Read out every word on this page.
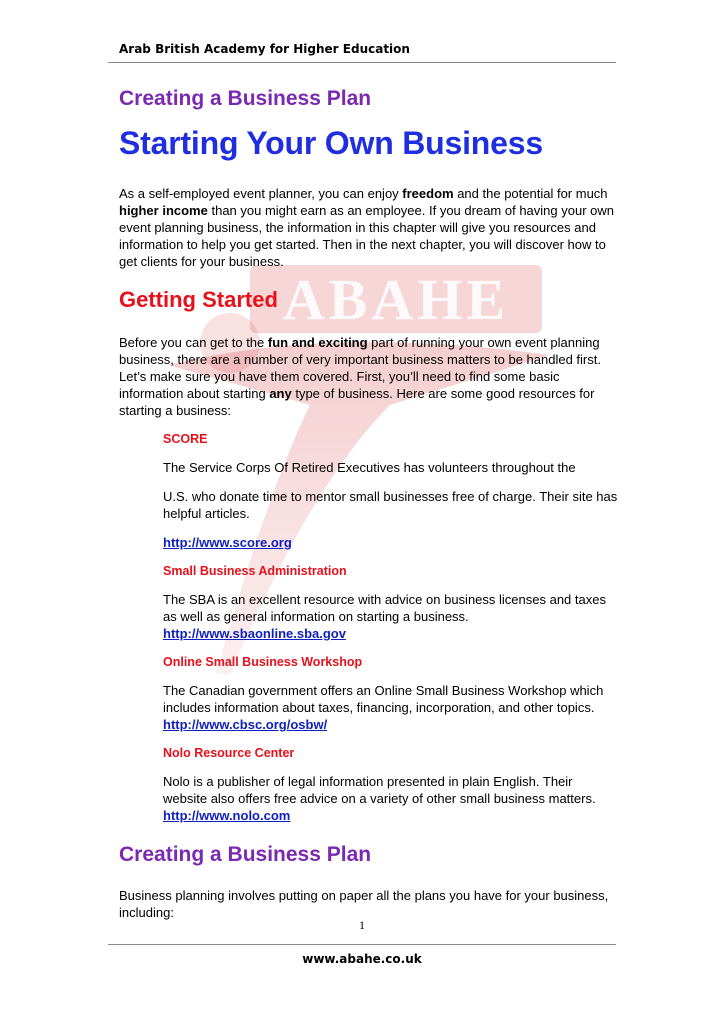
Arab British Academy for Higher Education
ABAHE
Creating a Business Plan
Starting Your Own Business

As a self-employed event planner, you can enjoy freedom and the potential for much higher income than you might earn as an employee. If you dream of having your own event planning business, the information in this chapter will give you resources and information to help you get started. Then in the next chapter, you will discover how to get clients for your business.

Getting Started

Before you can get to the fun and exciting part of running your own event planning business, there are a number of very important business matters to be handled first. Let’s make sure you have them covered. First, you’ll need to find some basic information about starting any type of business. Here are some good resources for starting a business:

SCORE

The Service Corps Of Retired Executives has volunteers throughout the

U.S. who donate time to mentor small businesses free of charge. Their site has helpful articles.

http://www.score.org

Small Business Administration

The SBA is an excellent resource with advice on business licenses and taxes as well as general information on starting a business. http://www.sbaonline.sba.gov

Online Small Business Workshop

The Canadian government offers an Online Small Business Workshop which includes information about taxes, financing, incorporation, and other topics. http://www.cbsc.org/osbw/

Nolo Resource Center

Nolo is a publisher of legal information presented in plain English. Their website also offers free advice on a variety of other small business matters. http://www.nolo.com

Creating a Business Plan

Business planning involves putting on paper all the plans you have for your business, including:

1
www.abahe.co.uk
